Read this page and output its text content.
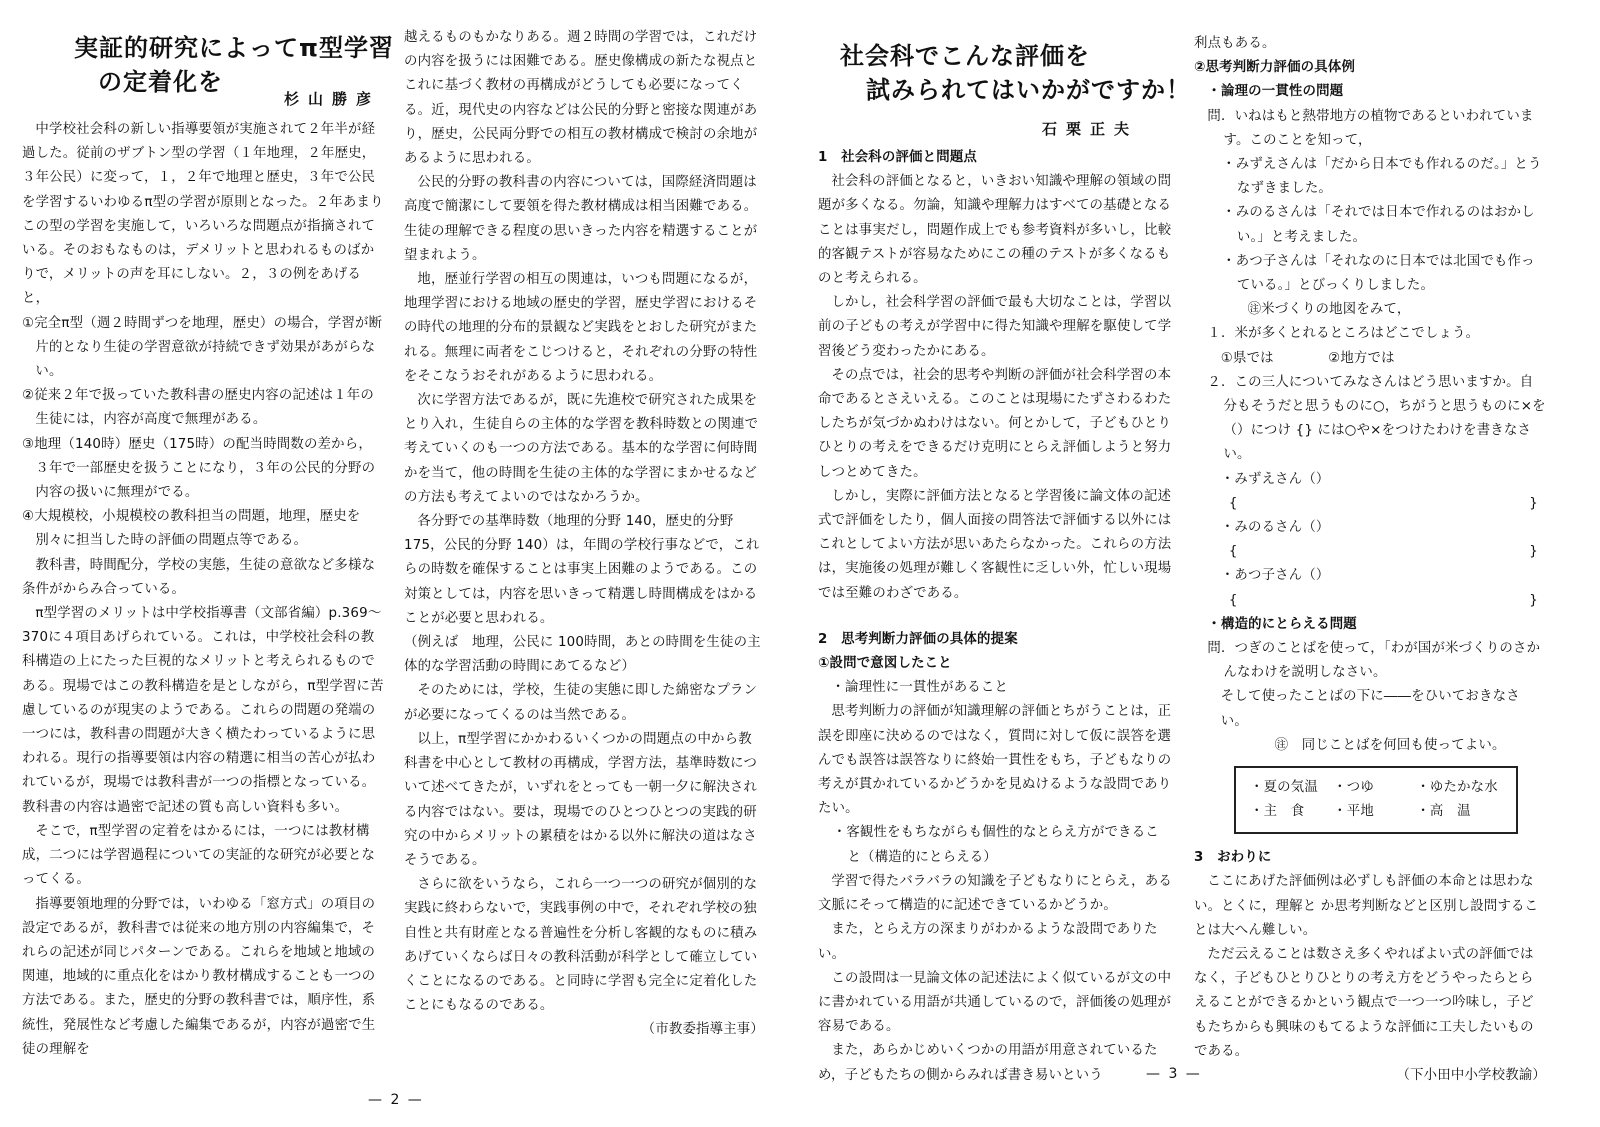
実証的研究によってπ型学習
の定着化を
杉山勝彦

中学校社会科の新しい指導要領が実施されて２年半が経過した。従前のザブトン型の学習（１年地理，２年歴史，３年公民）に変って，１，２年で地理と歴史，３年で公民を学習するいわゆるπ型の学習が原則となった。２年あまりこの型の学習を実施して，いろいろな問題点が指摘されている。そのおもなものは，デメリットと思われるものばかりで，メリットの声を耳にしない。２，３の例をあげると，

①完全π型（週２時間ずつを地理，歴史）の場合，学習が断片的となり生徒の学習意欲が持続できず効果があがらない。

②従来２年で扱っていた教科書の歴史内容の記述は１年の生徒には，内容が高度で無理がある。

③地理（140時）歴史（175時）の配当時間数の差から，３年で一部歴史を扱うことになり，３年の公民的分野の内容の扱いに無理がでる。

④大規模校，小規模校の教科担当の問題，地理，歴史を別々に担当した時の評価の問題点等である。

教科書，時間配分，学校の実態，生徒の意欲など多様な条件がからみ合っている。

π型学習のメリットは中学校指導書（文部省編）p.369〜370に４項目あげられている。これは，中学校社会科の教科構造の上にたった巨視的なメリットと考えられるものである。現場ではこの教科構造を是としながら，π型学習に苦慮しているのが現実のようである。これらの問題の発端の一つには，教科書の問題が大きく横たわっているように思われる。現行の指導要領は内容の精選に相当の苦心が払われているが，現場では教科書が一つの指標となっている。教科書の内容は過密で記述の質も高しい資料も多い。

そこで，π型学習の定着をはかるには，一つには教材構成，二つには学習過程についての実証的な研究が必要となってくる。

指導要領地理的分野では，いわゆる「窓方式」の項目の設定であるが，教科書では従来の地方別の内容編集で，それらの記述が同じパターンである。これらを地域と地域の関連，地域的に重点化をはかり教材構成することも一つの方法である。また，歴史的分野の教科書では，順序性，系統性，発展性など考慮した編集であるが，内容が過密で生徒の理解を

越えるものもかなりある。週２時間の学習では，これだけの内容を扱うには困難である。歴史像構成の新たな視点とこれに基づく教材の再構成がどうしても必要になってくる。近，現代史の内容などは公民的分野と密接な関連があり，歴史，公民両分野での相互の教材構成で検討の余地があるように思われる。

公民的分野の教科書の内容については，国際経済問題は高度で簡潔にして要領を得た教材構成は相当困難である。生徒の理解できる程度の思いきった内容を精選することが望まれよう。

地，歴並行学習の相互の関連は，いつも問題になるが，地理学習における地域の歴史的学習，歴史学習におけるその時代の地理的分布的景観など実践をとおした研究がまたれる。無理に両者をこじつけると，それぞれの分野の特性をそこなうおそれがあるように思われる。

次に学習方法であるが，既に先進校で研究された成果をとり入れ，生徒自らの主体的な学習を教科時数との関連で考えていくのも一つの方法である。基本的な学習に何時間かを当て，他の時間を生徒の主体的な学習にまかせるなどの方法も考えてよいのではなかろうか。

各分野での基準時数（地理的分野 140，歴史的分野 175，公民的分野 140）は，年間の学校行事などで，これらの時数を確保することは事実上困難のようである。この対策としては，内容を思いきって精選し時間構成をはかることが必要と思われる。

（例えば　地理，公民に 100時間，あとの時間を生徒の主体的な学習活動の時間にあてるなど）

そのためには，学校，生徒の実態に即した綿密なプランが必要になってくるのは当然である。

以上，π型学習にかかわるいくつかの問題点の中から教科書を中心として教材の再構成，学習方法，基準時数について述べてきたが，いずれをとっても一朝一夕に解決される内容ではない。要は，現場でのひとつひとつの実践的研究の中からメリットの累積をはかる以外に解決の道はなさそうである。

さらに欲をいうなら，これら一つ一つの研究が個別的な実践に終わらないで，実践事例の中で，それぞれ学校の独自性と共有財産となる普遍性を分析し客観的なものに積みあげていくならば日々の教科活動が科学として確立していくことになるのである。と同時に学習も完全に定着化したことにもなるのである。

（市教委指導主事）

— 2 —
社会科でこんな評価を
試みられてはいかがですか！
石栗正夫

1　社会科の評価と問題点

社会科の評価となると，いきおい知識や理解の領域の問題が多くなる。勿論，知識や理解力はすべての基礎となることは事実だし，問題作成上でも参考資料が多いし，比較的客観テストが容易なためにこの種のテストが多くなるものと考えられる。

しかし，社会科学習の評価で最も大切なことは，学習以前の子どもの考えが学習中に得た知識や理解を駆使して学習後どう変わったかにある。

その点では，社会的思考や判断の評価が社会科学習の本命であるとさえいえる。このことは現場にたずさわるわたしたちが気づかぬわけはない。何とかして，子どもひとりひとりの考えをできるだけ克明にとらえ評価しようと努力しつとめてきた。

しかし，実際に評価方法となると学習後に論文体の記述式で評価をしたり，個人面接の問答法で評価する以外にはこれとしてよい方法が思いあたらなかった。これらの方法は，実施後の処理が難しく客観性に乏しい外，忙しい現場では至難のわざである。

2　思考判断力評価の具体的提案

①設問で意図したこと

・論理性に一貫性があること

思考判断力の評価が知識理解の評価とちがうことは，正誤を即座に決めるのではなく，質問に対して仮に誤答を選んでも誤答は誤答なりに終始一貫性をもち，子どもなりの考えが貫かれているかどうかを見ぬけるような設問でありたい。

・客観性をもちながらも個性的なとらえ方ができること（構造的にとらえる）

学習で得たバラバラの知識を子どもなりにとらえ，ある文脈にそって構造的に記述できているかどうか。

また，とらえ方の深まりがわかるような設問でありたい。

この設問は一見論文体の記述法によく似ているが文の中に書かれている用語が共通しているので，評価後の処理が容易である。

また，あらかじめいくつかの用語が用意されているため，子どもたちの側からみれば書き易いという

利点もある。

②思考判断力評価の具体例

・論理の一貫性の問題

問．いねはもと熱帯地方の植物であるといわれています。このことを知って，

・みずえさんは「だから日本でも作れるのだ。」とうなずきました。

・みのるさんは「それでは日本で作れるのはおかしい。」と考えました。

・あつ子さんは「それなのに日本では北国でも作っている。」とびっくりしました。

㊟米づくりの地図をみて，

１．米が多くとれるところはどこでしょう。

①県では　　　　②地方では

２．この三人についてみなさんはどう思いますか。自分もそうだと思うものに○，ちがうと思うものに×を（）につけ {} には○や×をつけたわけを書きなさい。

・みずえさん（）

{	}

・みのるさん（）

{	}

・あつ子さん（）

{	}

・構造的にとらえる問題

問．つぎのことばを使って，「わが国が米づくりのさかんなわけを説明しなさい。

そして使ったことばの下に――をひいておきなさい。

㊟　同じことばを何回も使ってよい。

・夏の気温	・つゆ	・ゆたかな水
・主　食	・平地	・高　温

3　おわりに

ここにあげた評価例は必ずしも評価の本命とは思わない。とくに，理解と か思考判断などと区別し設問することは大へん難しい。

ただ云えることは数さえ多くやればよい式の評価ではなく，子どもひとりひとりの考え方をどうやったらとらえることができるかという観点で一つ一つ吟味し，子どもたちからも興味のもてるような評価に工夫したいものである。

（下小田中小学校教諭）

— 3 —
